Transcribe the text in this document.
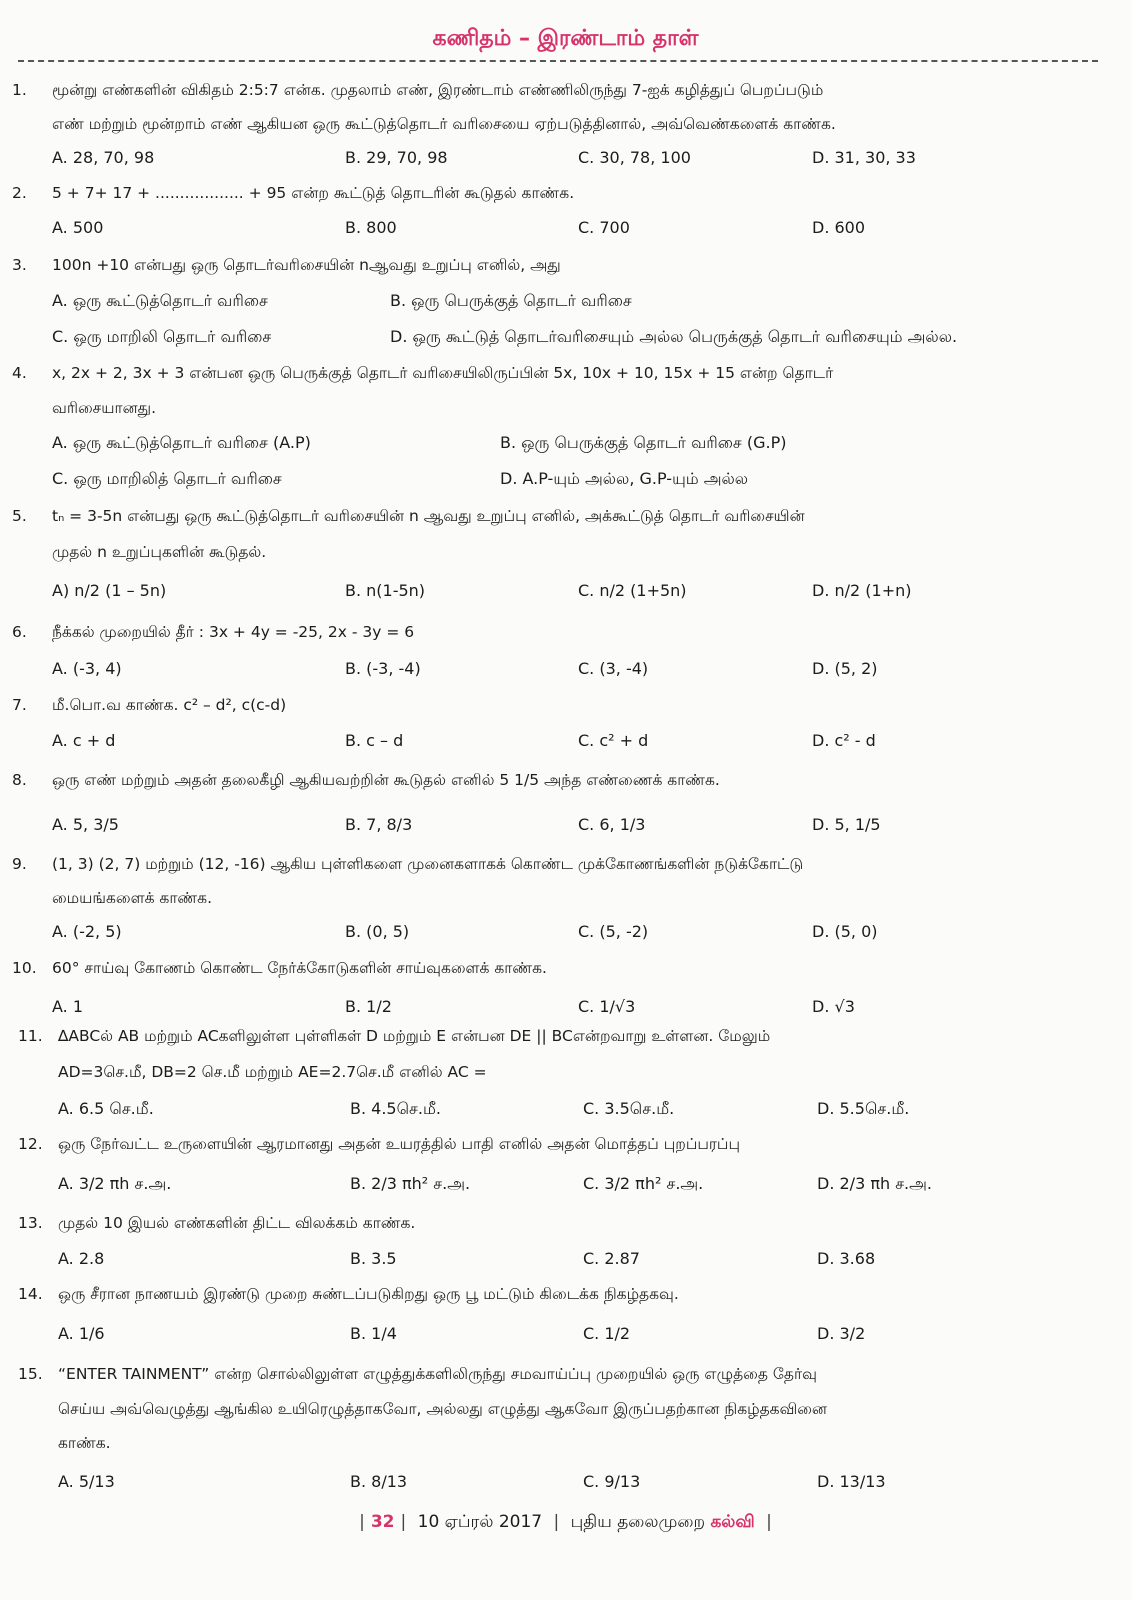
கணிதம் – இரண்டாம் தாள்
1.	மூன்று எண்களின் விகிதம் 2:5:7 என்க. முதலாம் எண், இரண்டாம் எண்ணிலிருந்து 7-ஐக் கழித்துப் பெறப்படும்
எண் மற்றும் மூன்றாம் எண் ஆகியன ஒரு கூட்டுத்தொடர் வரிசையை ஏற்படுத்தினால், அவ்வெண்களைக் காண்க.
A. 28, 70, 98	B. 29, 70, 98	C. 30, 78, 100	D. 31, 30, 33
2.	5 + 7+ 17 + .................. + 95 என்ற கூட்டுத் தொடரின் கூடுதல் காண்க.
A. 500	B. 800	C. 700	D. 600
3.	100n +10 என்பது ஒரு தொடர்வரிசையின் nஆவது உறுப்பு எனில், அது
A. ஒரு கூட்டுத்தொடர் வரிசை	B. ஒரு பெருக்குத் தொடர் வரிசை
C. ஒரு மாறிலி தொடர் வரிசை	D. ஒரு கூட்டுத் தொடர்வரிசையும் அல்ல பெருக்குத் தொடர் வரிசையும் அல்ல.
4.	x, 2x + 2, 3x + 3 என்பன ஒரு பெருக்குத் தொடர் வரிசையிலிருப்பின் 5x, 10x + 10, 15x + 15 என்ற தொடர்
வரிசையானது.
A. ஒரு கூட்டுத்தொடர் வரிசை (A.P)	B. ஒரு பெருக்குத் தொடர் வரிசை (G.P)
C. ஒரு மாறிலித் தொடர் வரிசை	D. A.P-யும் அல்ல, G.P-யும் அல்ல
5.	tₙ = 3-5n என்பது ஒரு கூட்டுத்தொடர் வரிசையின் n ஆவது உறுப்பு எனில், அக்கூட்டுத் தொடர் வரிசையின்
முதல் n உறுப்புகளின் கூடுதல்.
A) n/2 (1 – 5n)	B. n(1-5n)	C. n/2 (1+5n)	D. n/2 (1+n)
6.	நீக்கல் முறையில் தீர் : 3x + 4y = -25, 2x - 3y = 6
A. (-3, 4)	B. (-3, -4)	C. (3, -4)	D. (5, 2)
7.	மீ.பொ.வ காண்க. c² – d², c(c-d)
A. c + d	B. c – d	C. c² + d	D. c² - d
8.	ஒரு எண் மற்றும் அதன் தலைகீழி ஆகியவற்றின் கூடுதல் எனில் 5 1/5 அந்த எண்ணைக் காண்க.
A. 5, 3/5	B. 7, 8/3	C. 6, 1/3	D. 5, 1/5
9.	(1, 3) (2, 7) மற்றும் (12, -16) ஆகிய புள்ளிகளை முனைகளாகக் கொண்ட முக்கோணங்களின் நடுக்கோட்டு
மையங்களைக் காண்க.
A. (-2, 5)	B. (0, 5)	C. (5, -2)	D. (5, 0)
10. 60° சாய்வு கோணம் கொண்ட நேர்க்கோடுகளின் சாய்வுகளைக் காண்க.
A. 1	B. 1/2	C. 1/√3	D. √3
11. ∆ABCல் AB மற்றும் ACகளிலுள்ள புள்ளிகள் D மற்றும் E என்பன DE || BCஎன்றவாறு உள்ளன. மேலும்
AD=3செ.மீ, DB=2 செ.மீ மற்றும் AE=2.7செ.மீ எனில் AC =
A. 6.5 செ.மீ.	B. 4.5செ.மீ.	C. 3.5செ.மீ.	D. 5.5செ.மீ.
12. ஒரு நேர்வட்ட உருளையின் ஆரமானது அதன் உயரத்தில் பாதி எனில் அதன் மொத்தப் புறப்பரப்பு
A. 3/2 πh ச.அ.	B. 2/3 πh² ச.அ.	C. 3/2 πh² ச.அ.	D. 2/3 πh ச.அ.
13. முதல் 10 இயல் எண்களின் திட்ட விலக்கம் காண்க.
A. 2.8	B. 3.5	C. 2.87	D. 3.68
14. ஒரு சீரான நாணயம் இரண்டு முறை சுண்டப்படுகிறது ஒரு பூ மட்டும் கிடைக்க நிகழ்தகவு.
A. 1/6	B. 1/4	C. 1/2	D. 3/2
15. “ENTER TAINMENT” என்ற சொல்லிலுள்ள எழுத்துக்களிலிருந்து சமவாய்ப்பு முறையில் ஒரு எழுத்தை தேர்வு
செய்ய அவ்வெழுத்து ஆங்கில உயிரெழுத்தாகவோ, அல்லது எழுத்து ஆகவோ இருப்பதற்கான நிகழ்தகவினை
காண்க.
A. 5/13	B. 8/13	C. 9/13	D. 13/13
| 32 | 10 ஏப்ரல் 2017 | புதிய தலைமுறை கல்வி |
